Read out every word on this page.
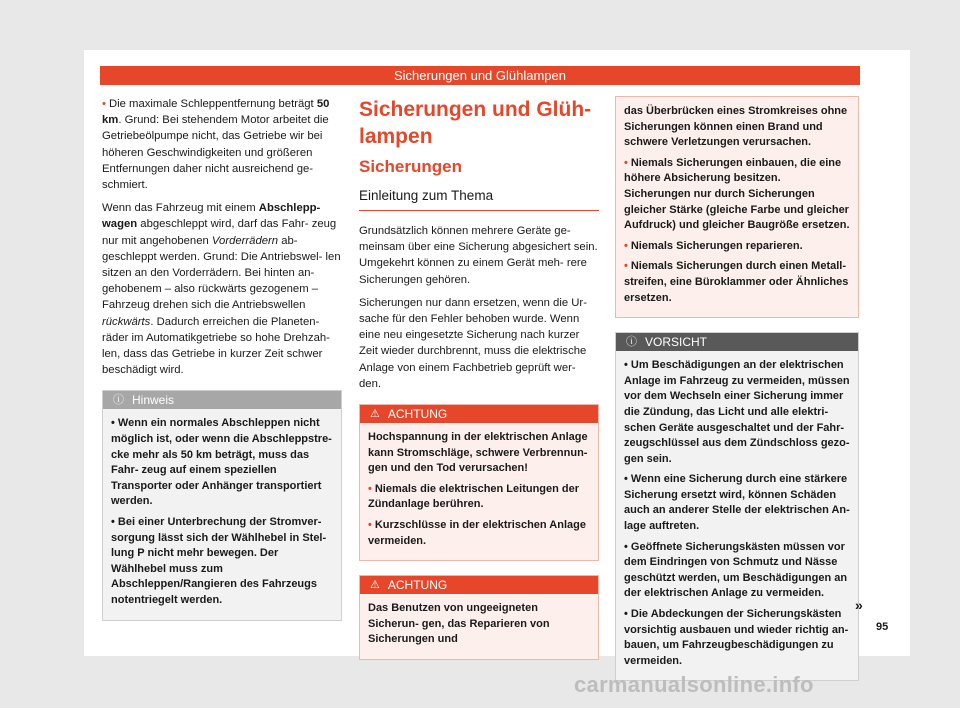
Sicherungen und Glühlampen

• Die maximale Schleppentfernung beträgt 50 km. Grund: Bei stehendem Motor arbeitet die Getriebeölpumpe nicht, das Getriebe wir bei höheren Geschwindigkeiten und größeren Entfernungen daher nicht ausreichend ge- schmiert.

Wenn das Fahrzeug mit einem Abschlepp- wagen abgeschleppt wird, darf das Fahr- zeug nur mit angehobenen Vorderrädern ab- geschleppt werden. Grund: Die Antriebswel- len sitzen an den Vorderrädern. Bei hinten an- gehobenem – also rückwärts gezogenem – Fahrzeug drehen sich die Antriebswellen rückwärts. Dadurch erreichen die Planeten- räder im Automatikgetriebe so hohe Drehzah- len, dass das Getriebe in kurzer Zeit schwer beschädigt wird.

ⓘ Hinweis

• Wenn ein normales Abschleppen nicht möglich ist, oder wenn die Abschleppstre- cke mehr als 50 km beträgt, muss das Fahr- zeug auf einem speziellen Transporter oder Anhänger transportiert werden.

• Bei einer Unterbrechung der Stromver- sorgung lässt sich der Wählhebel in Stel- lung P nicht mehr bewegen. Der Wählhebel muss zum Abschleppen/Rangieren des Fahrzeugs notentriegelt werden.

Sicherungen und Glüh- lampen
Sicherungen
Einleitung zum Thema

Grundsätzlich können mehrere Geräte ge- meinsam über eine Sicherung abgesichert sein. Umgekehrt können zu einem Gerät meh- rere Sicherungen gehören.

Sicherungen nur dann ersetzen, wenn die Ur- sache für den Fehler behoben wurde. Wenn eine neu eingesetzte Sicherung nach kurzer Zeit wieder durchbrennt, muss die elektrische Anlage von einem Fachbetrieb geprüft wer- den.

⚠ ACHTUNG

Hochspannung in der elektrischen Anlage kann Stromschläge, schwere Verbrennun- gen und den Tod verursachen!

• Niemals die elektrischen Leitungen der Zündanlage berühren.

• Kurzschlüsse in der elektrischen Anlage vermeiden.

⚠ ACHTUNG

Das Benutzen von ungeeigneten Sicherun- gen, das Reparieren von Sicherungen und

das Überbrücken eines Stromkreises ohne Sicherungen können einen Brand und schwere Verletzungen verursachen.

• Niemals Sicherungen einbauen, die eine höhere Absicherung besitzen. Sicherungen nur durch Sicherungen gleicher Stärke (gleiche Farbe und gleicher Aufdruck) und gleicher Baugröße ersetzen.

• Niemals Sicherungen reparieren.

• Niemals Sicherungen durch einen Metall- streifen, eine Büroklammer oder Ähnliches ersetzen.

ⓘ VORSICHT

• Um Beschädigungen an der elektrischen Anlage im Fahrzeug zu vermeiden, müssen vor dem Wechseln einer Sicherung immer die Zündung, das Licht und alle elektri- schen Geräte ausgeschaltet und der Fahr- zeugschlüssel aus dem Zündschloss gezo- gen sein.

• Wenn eine Sicherung durch eine stärkere Sicherung ersetzt wird, können Schäden auch an anderer Stelle der elektrischen An- lage auftreten.

• Geöffnete Sicherungskästen müssen vor dem Eindringen von Schmutz und Nässe geschützt werden, um Beschädigungen an der elektrischen Anlage zu vermeiden.

• Die Abdeckungen der Sicherungskästen vorsichtig ausbauen und wieder richtig an- bauen, um Fahrzeugbeschädigungen zu vermeiden.

»
95
carmanualsonline.info
